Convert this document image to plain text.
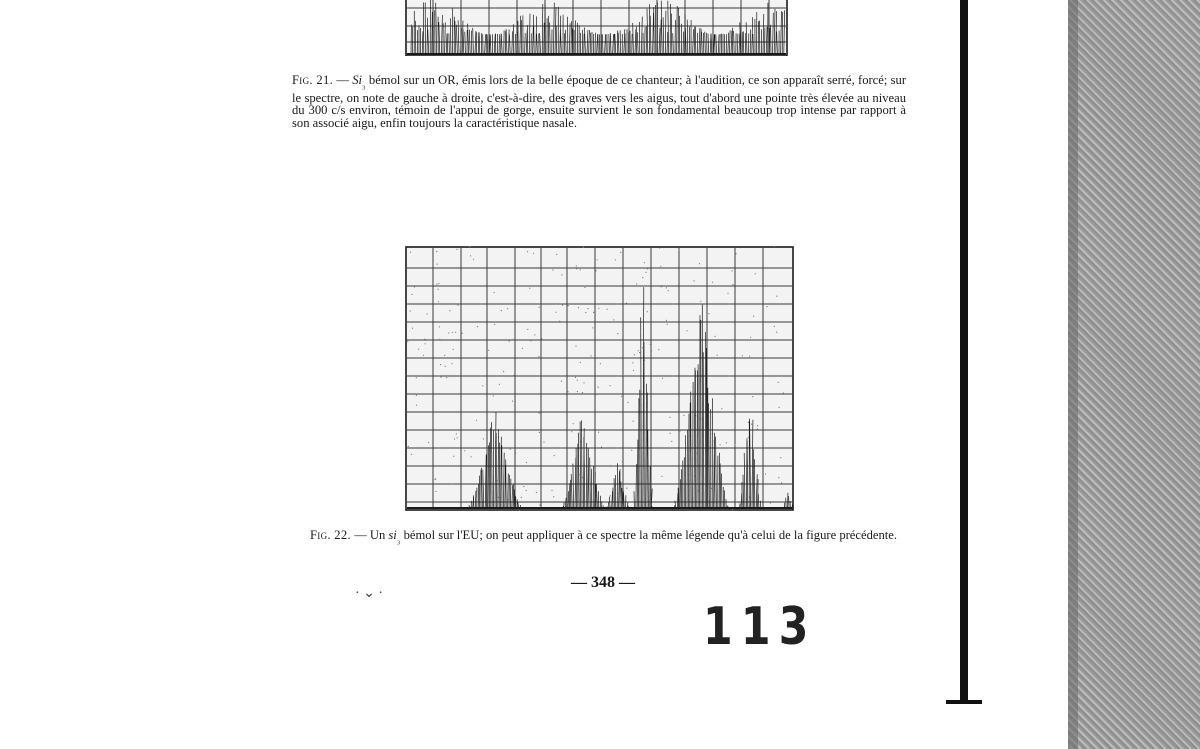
Fig. 21. — $Si_{_3}$ bémol sur un OR, émis lors de la belle époque de ce chanteur; à l'audition, ce son apparaît serré, forcé; sur le spectre, on note de gauche à droite, c'est-à-dire, des graves vers les aigus, tout d'abord une pointe très élevée au niveau du 300 c/s environ, témoin de l'appui de gorge, ensuite survient le son fondamental beaucoup trop intense par rapport à son associé aigu, enfin toujours la caractéristique nasale.
Fig. 22. — Un $si_{_3}$ bémol sur l'EU; on peut appliquer à ce spectre la même légende qu'à celui de la figure précédente.
— 348 —
· ⌄ ·
113
